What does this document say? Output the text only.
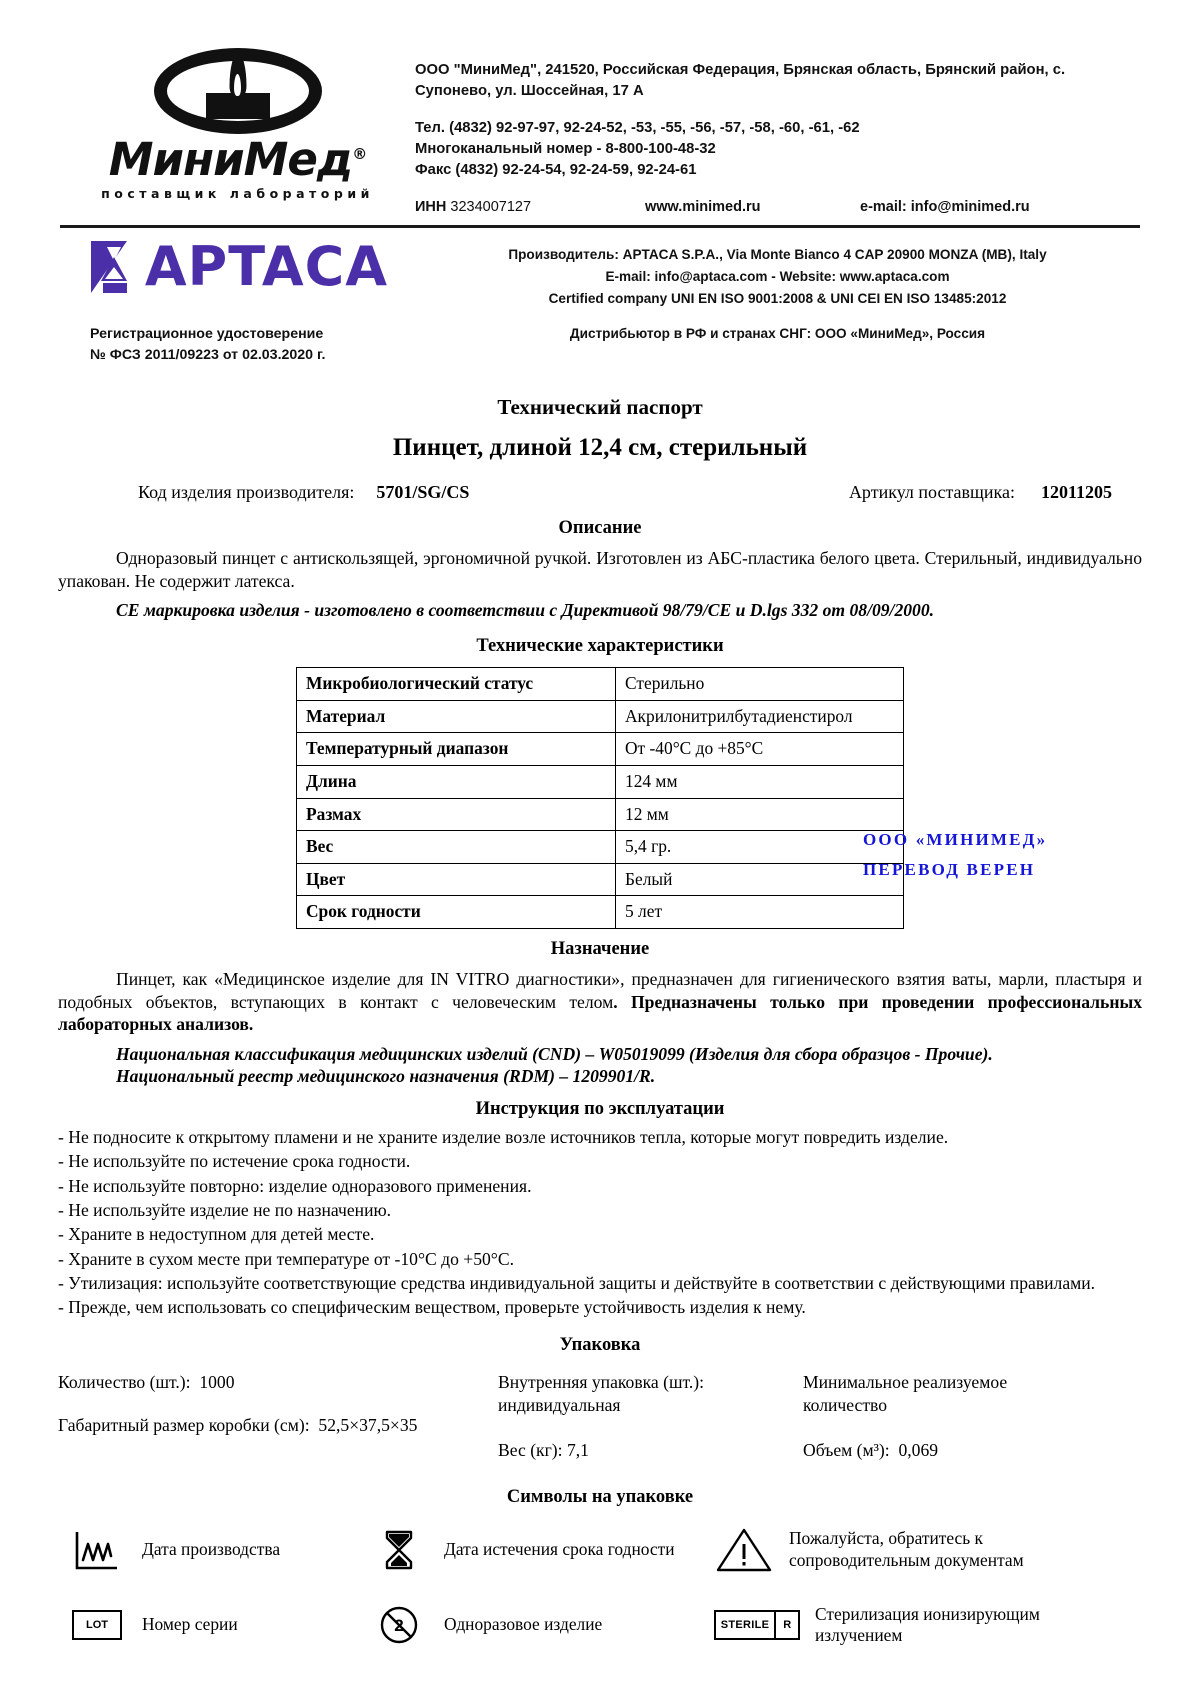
МиниМед®
поставщик лабораторий
ООО "МиниМед", 241520, Российская Федерация, Брянская область, Брянский район, с. Супонево, ул. Шоссейная, 17 А
Тел. (4832) 92-97-97, 92-24-52, -53, -55, -56, -57, -58, -60, -61, -62
Многоканальный номер - 8-800-100-48-32
Факс (4832) 92-24-54, 92-24-59, 92-24-61
ИНН 3234007127	www.minimed.ru	e-mail: info@minimed.ru
АPTACA	Производитель: APTACA S.P.A., Via Monte Bianco 4 CAP 20900 MONZA (MB), Italy
E-mail: info@aptaca.com - Website: www.aptaca.com
Certified company UNI EN ISO 9001:2008 & UNI CEI EN ISO 13485:2012
Регистрационное удостоверение
№ ФСЗ 2011/09223 от 02.03.2020 г.
Дистрибьютор в РФ и странах СНГ: ООО «МиниМед», Россия
Технический паспорт
Пинцет, длиной 12,4 см, стерильный
Код изделия производителя: 5701/SG/CS	Артикул поставщика: 12011205
Описание

Одноразовый пинцет с антискользящей, эргономичной ручкой. Изготовлен из АБС-пластика белого цвета. Стерильный, индивидуально упакован. Не содержит латекса.

СЕ маркировка изделия - изготовлено в соответствии с Директивой 98/79/СЕ и D.lgs 332 от 08/09/2000.

Технические характеристики
Микробиологический статус	Стерильно
Материал	Акрилонитрилбутадиенстирол
Температурный диапазон	От -40°С до +85°С
Длина	124 мм
Размах	12 мм
Вес	5,4 гр.
Цвет	Белый
Срок годности	5 лет
ООО «МИНИМЕД»
ПЕРЕВОД ВЕРЕН
Назначение

Пинцет, как «Медицинское изделие для IN VITRO диагностики», предназначен для гигиенического взятия ваты, марли, пластыря и подобных объектов, вступающих в контакт с человеческим телом. Предназначены только при проведении профессиональных лабораторных анализов.

Национальная классификация медицинских изделий (CND) – W05019099 (Изделия для сбора образцов - Прочие).

Национальный реестр медицинского назначения (RDM) – 1209901/R.

Инструкция по эксплуатации
- Не подносите к открытому пламени и не храните изделие возле источников тепла, которые могут повредить изделие.
- Не используйте по истечение срока годности.
- Не используйте повторно: изделие одноразового применения.
- Не используйте изделие не по назначению.
- Храните в недоступном для детей месте.
- Храните в сухом месте при температуре от -10°С до +50°С.
- Утилизация: используйте соответствующие средства индивидуальной защиты и действуйте в соответствии с действующими правилами.
- Прежде, чем использовать со специфическим веществом, проверьте устойчивость изделия к нему.
Упаковка
Количество (шт.): 1000
Габаритный размер коробки (см): 52,5×37,5×35
Внутренняя упаковка (шт.):
индивидуальная
Вес (кг): 7,1
Минимальное реализуемое
количество
Объем (м³): 0,069
Символы на упаковке
Дата производства	Дата истечения срока годности
Пожалуйста, обратитесь к
сопроводительным документам
LOT	Номер серии	2	Одноразовое изделие	STERILE	R
Стерилизация ионизирующим
излучением
